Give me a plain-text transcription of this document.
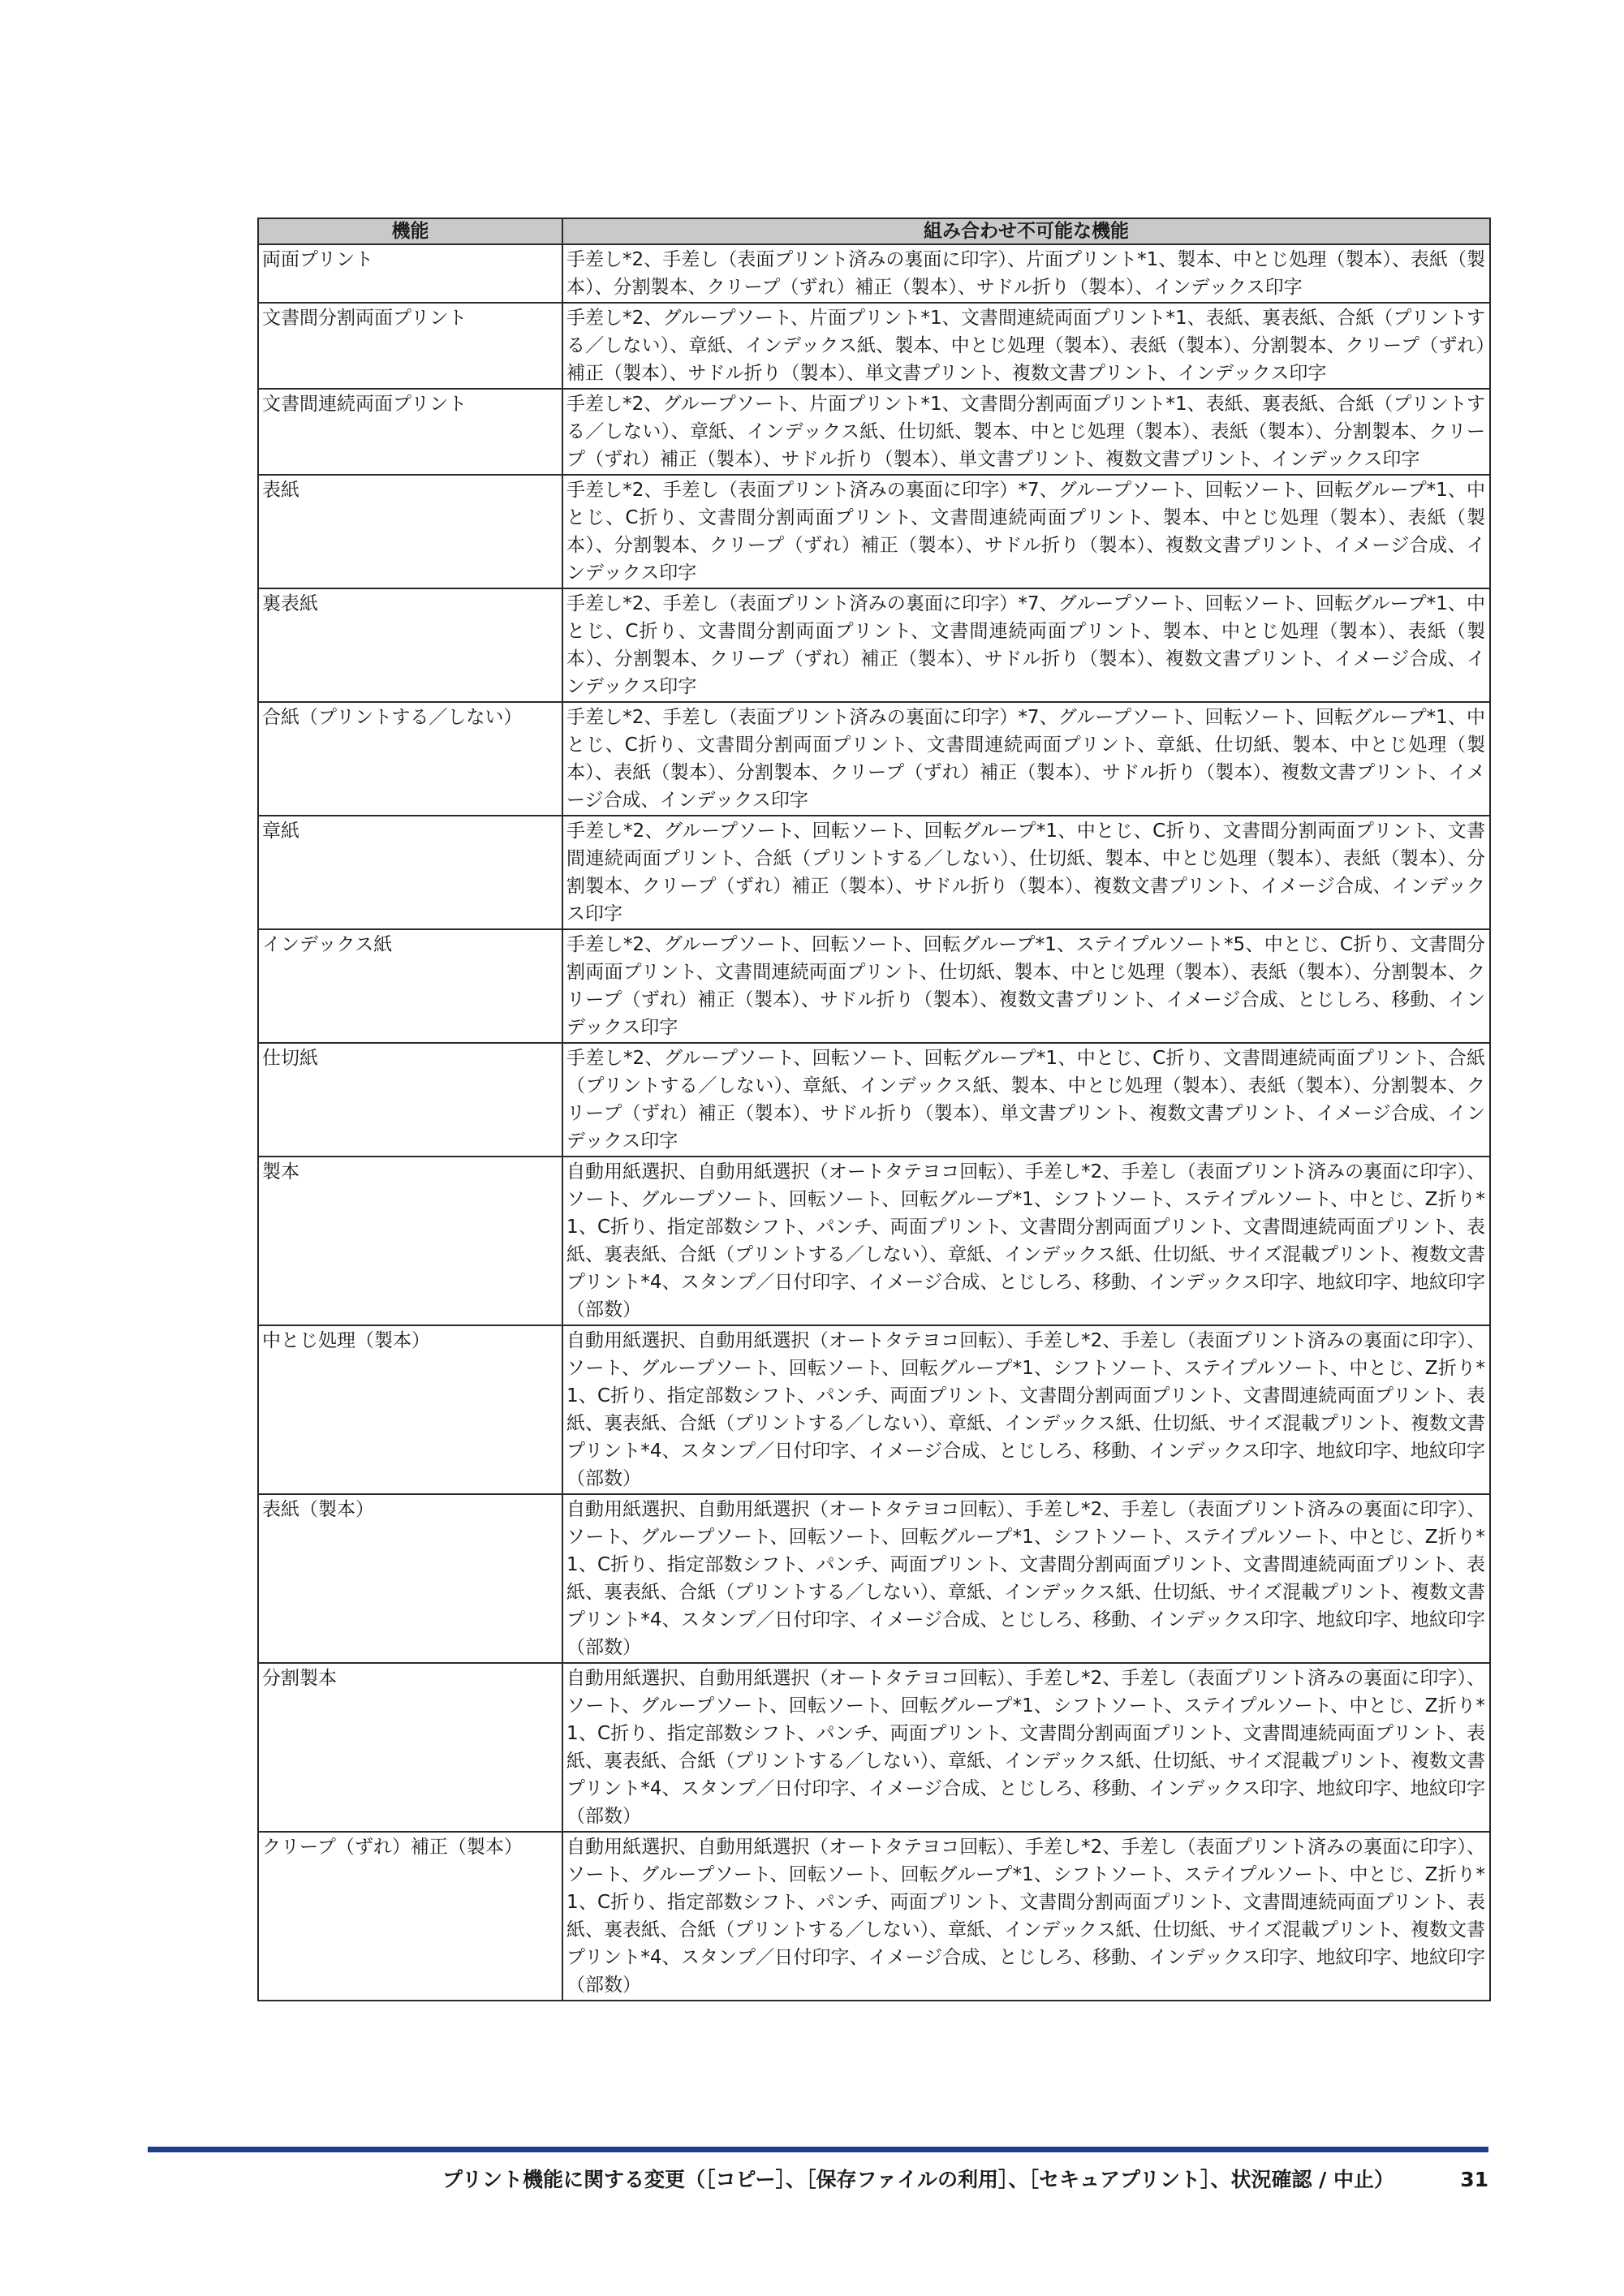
機能	組み合わせ不可能な機能
両面プリント	手差し*2、手差し（表面プリント済みの裏面に印字）、片面プリント*1、製本、中とじ処理（製本）、表紙（製本）、分割製本、クリープ（ずれ）補正（製本）、サドル折り（製本）、インデックス印字
文書間分割両面プリント	手差し*2、グループソート、片面プリント*1、文書間連続両面プリント*1、表紙、裏表紙、合紙（プリントする／しない）、章紙、インデックス紙、製本、中とじ処理（製本）、表紙（製本）、分割製本、クリープ（ずれ）補正（製本）、サドル折り（製本）、単文書プリント、複数文書プリント、インデックス印字
文書間連続両面プリント	手差し*2、グループソート、片面プリント*1、文書間分割両面プリント*1、表紙、裏表紙、合紙（プリントする／しない）、章紙、インデックス紙、仕切紙、製本、中とじ処理（製本）、表紙（製本）、分割製本、クリープ（ずれ）補正（製本）、サドル折り（製本）、単文書プリント、複数文書プリント、インデックス印字
表紙	手差し*2、手差し（表面プリント済みの裏面に印字）*7、グループソート、回転ソート、回転グループ*1、中とじ、C折り、文書間分割両面プリント、文書間連続両面プリント、製本、中とじ処理（製本）、表紙（製本）、分割製本、クリープ（ずれ）補正（製本）、サドル折り（製本）、複数文書プリント、イメージ合成、インデックス印字
裏表紙	手差し*2、手差し（表面プリント済みの裏面に印字）*7、グループソート、回転ソート、回転グループ*1、中とじ、C折り、文書間分割両面プリント、文書間連続両面プリント、製本、中とじ処理（製本）、表紙（製本）、分割製本、クリープ（ずれ）補正（製本）、サドル折り（製本）、複数文書プリント、イメージ合成、インデックス印字
合紙（プリントする／しない）	手差し*2、手差し（表面プリント済みの裏面に印字）*7、グループソート、回転ソート、回転グループ*1、中とじ、C折り、文書間分割両面プリント、文書間連続両面プリント、章紙、仕切紙、製本、中とじ処理（製本）、表紙（製本）、分割製本、クリープ（ずれ）補正（製本）、サドル折り（製本）、複数文書プリント、イメージ合成、インデックス印字
章紙	手差し*2、グループソート、回転ソート、回転グループ*1、中とじ、C折り、文書間分割両面プリント、文書間連続両面プリント、合紙（プリントする／しない）、仕切紙、製本、中とじ処理（製本）、表紙（製本）、分割製本、クリープ（ずれ）補正（製本）、サドル折り（製本）、複数文書プリント、イメージ合成、インデックス印字
インデックス紙	手差し*2、グループソート、回転ソート、回転グループ*1、ステイプルソート*5、中とじ、C折り、文書間分割両面プリント、文書間連続両面プリント、仕切紙、製本、中とじ処理（製本）、表紙（製本）、分割製本、クリープ（ずれ）補正（製本）、サドル折り（製本）、複数文書プリント、イメージ合成、とじしろ、移動、インデックス印字
仕切紙	手差し*2、グループソート、回転ソート、回転グループ*1、中とじ、C折り、文書間連続両面プリント、合紙（プリントする／しない）、章紙、インデックス紙、製本、中とじ処理（製本）、表紙（製本）、分割製本、クリープ（ずれ）補正（製本）、サドル折り（製本）、単文書プリント、複数文書プリント、イメージ合成、インデックス印字
製本	自動用紙選択、自動用紙選択（オートタテヨコ回転）、手差し*2、手差し（表面プリント済みの裏面に印字）、ソート、グループソート、回転ソート、回転グループ*1、シフトソート、ステイプルソート、中とじ、Z折り*1、C折り、指定部数シフト、パンチ、両面プリント、文書間分割両面プリント、文書間連続両面プリント、表紙、裏表紙、合紙（プリントする／しない）、章紙、インデックス紙、仕切紙、サイズ混載プリント、複数文書プリント*4、スタンプ／日付印字、イメージ合成、とじしろ、移動、インデックス印字、地紋印字、地紋印字（部数）
中とじ処理（製本）	自動用紙選択、自動用紙選択（オートタテヨコ回転）、手差し*2、手差し（表面プリント済みの裏面に印字）、ソート、グループソート、回転ソート、回転グループ*1、シフトソート、ステイプルソート、中とじ、Z折り*1、C折り、指定部数シフト、パンチ、両面プリント、文書間分割両面プリント、文書間連続両面プリント、表紙、裏表紙、合紙（プリントする／しない）、章紙、インデックス紙、仕切紙、サイズ混載プリント、複数文書プリント*4、スタンプ／日付印字、イメージ合成、とじしろ、移動、インデックス印字、地紋印字、地紋印字（部数）
表紙（製本）	自動用紙選択、自動用紙選択（オートタテヨコ回転）、手差し*2、手差し（表面プリント済みの裏面に印字）、ソート、グループソート、回転ソート、回転グループ*1、シフトソート、ステイプルソート、中とじ、Z折り*1、C折り、指定部数シフト、パンチ、両面プリント、文書間分割両面プリント、文書間連続両面プリント、表紙、裏表紙、合紙（プリントする／しない）、章紙、インデックス紙、仕切紙、サイズ混載プリント、複数文書プリント*4、スタンプ／日付印字、イメージ合成、とじしろ、移動、インデックス印字、地紋印字、地紋印字（部数）
分割製本	自動用紙選択、自動用紙選択（オートタテヨコ回転）、手差し*2、手差し（表面プリント済みの裏面に印字）、ソート、グループソート、回転ソート、回転グループ*1、シフトソート、ステイプルソート、中とじ、Z折り*1、C折り、指定部数シフト、パンチ、両面プリント、文書間分割両面プリント、文書間連続両面プリント、表紙、裏表紙、合紙（プリントする／しない）、章紙、インデックス紙、仕切紙、サイズ混載プリント、複数文書プリント*4、スタンプ／日付印字、イメージ合成、とじしろ、移動、インデックス印字、地紋印字、地紋印字（部数）
クリープ（ずれ）補正（製本）	自動用紙選択、自動用紙選択（オートタテヨコ回転）、手差し*2、手差し（表面プリント済みの裏面に印字）、ソート、グループソート、回転ソート、回転グループ*1、シフトソート、ステイプルソート、中とじ、Z折り*1、C折り、指定部数シフト、パンチ、両面プリント、文書間分割両面プリント、文書間連続両面プリント、表紙、裏表紙、合紙（プリントする／しない）、章紙、インデックス紙、仕切紙、サイズ混載プリント、複数文書プリント*4、スタンプ／日付印字、イメージ合成、とじしろ、移動、インデックス印字、地紋印字、地紋印字（部数）
プリント機能に関する変更（［コピー］、［保存ファイルの利用］、［セキュアプリント］、状況確認 / 中止）	31
